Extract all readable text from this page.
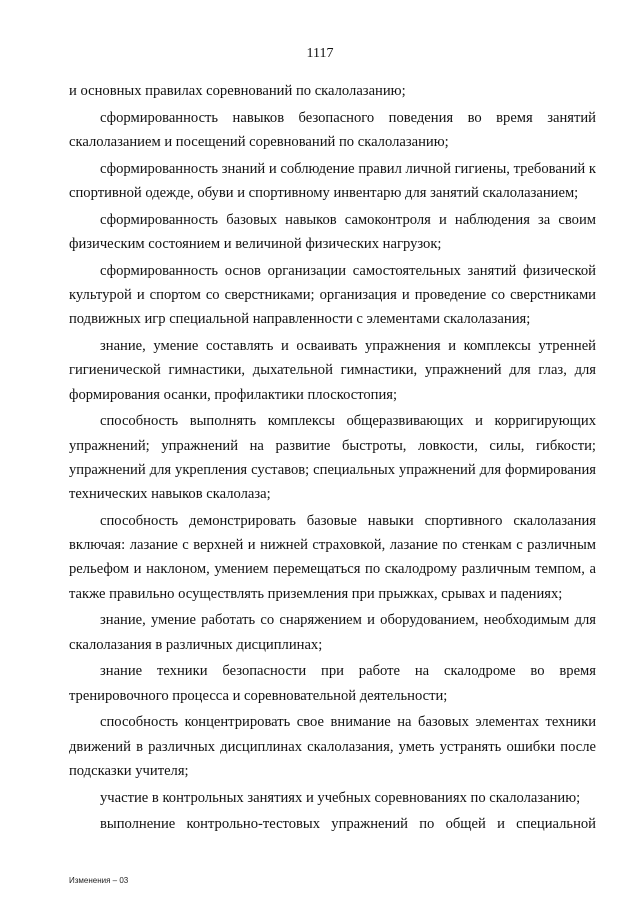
1117

и основных правилах соревнований по скалолазанию;

сформированность навыков безопасного поведения во время занятий скалолазанием и посещений соревнований по скалолазанию;

сформированность знаний и соблюдение правил личной гигиены, требований к спортивной одежде, обуви и спортивному инвентарю для занятий скалолазанием;

сформированность базовых навыков самоконтроля и наблюдения за своим физическим состоянием и величиной физических нагрузок;

сформированность основ организации самостоятельных занятий физической культурой и спортом со сверстниками; организация и проведение со сверстниками подвижных игр специальной направленности с элементами скалолазания;

знание, умение составлять и осваивать упражнения и комплексы утренней гигиенической гимнастики, дыхательной гимнастики, упражнений для глаз, для формирования осанки, профилактики плоскостопия;

способность выполнять комплексы общеразвивающих и корригирующих упражнений; упражнений на развитие быстроты, ловкости, силы, гибкости; упражнений для укрепления суставов; специальных упражнений для формирования технических навыков скалолаза;

способность демонстрировать базовые навыки спортивного скалолазания включая: лазание с верхней и нижней страховкой, лазание по стенкам с различным рельефом и наклоном, умением перемещаться по скалодрому различным темпом, а также правильно осуществлять приземления при прыжках, срывах и падениях;

знание, умение работать со снаряжением и оборудованием, необходимым для скалолазания в различных дисциплинах;

знание техники безопасности при работе на скалодроме во время тренировочного процесса и соревновательной деятельности;

способность концентрировать свое внимание на базовых элементах техники движений в различных дисциплинах скалолазания, уметь устранять ошибки после подсказки учителя;

участие в контрольных занятиях и учебных соревнованиях по скалолазанию;

выполнение контрольно-тестовых упражнений по общей и специальной

Изменения – 03
